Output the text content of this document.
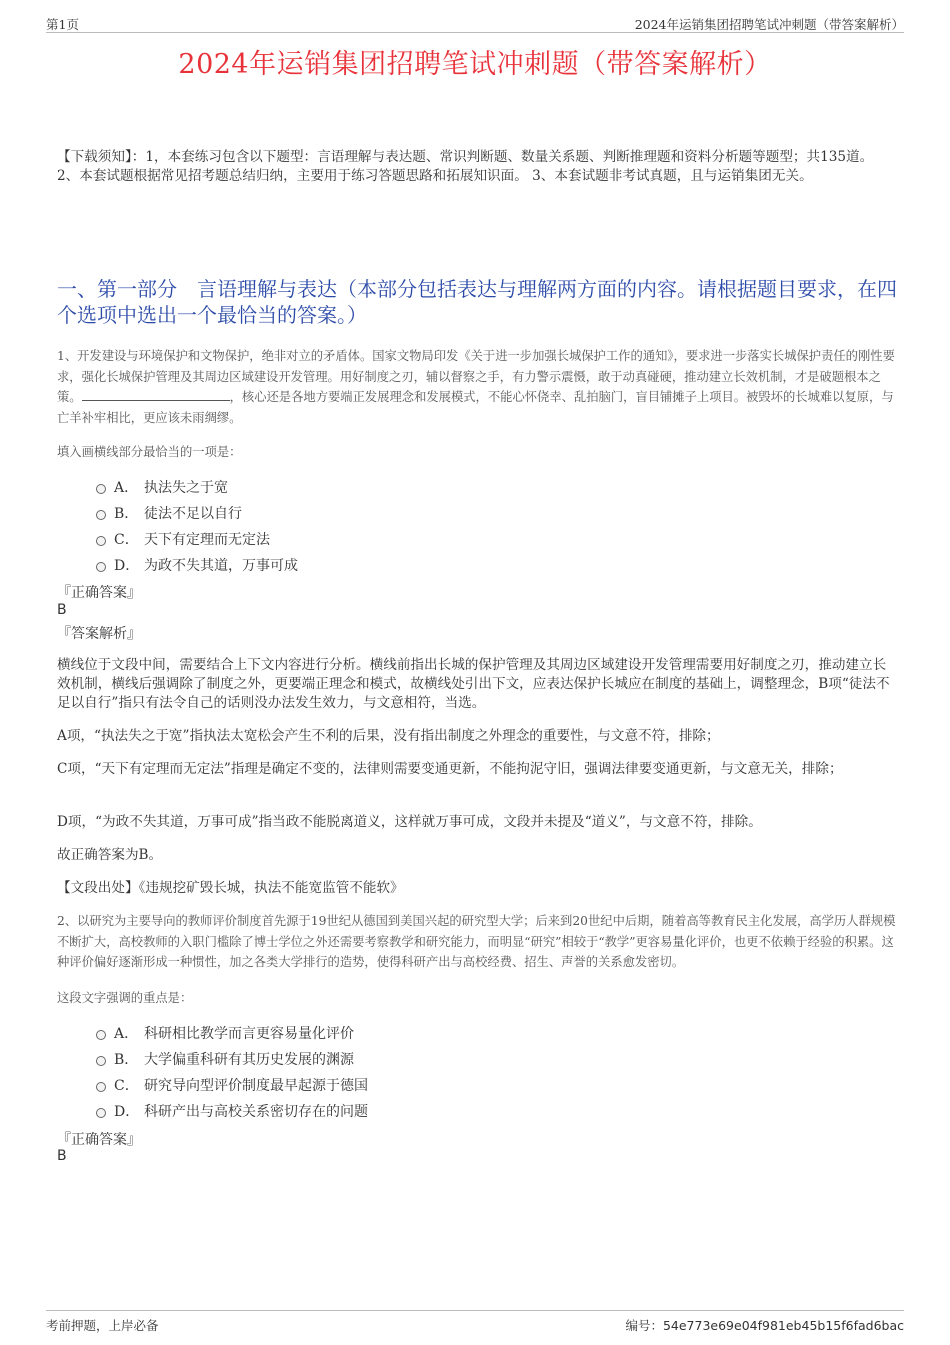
第1页	2024年运销集团招聘笔试冲刺题（带答案解析）
2024年运销集团招聘笔试冲刺题（带答案解析）
【下载须知】：1，本套练习包含以下题型：言语理解与表达题、常识判断题、数量关系题、判断推理题和资料分析题等题型；共135道。 2、本套试题根据常见招考题总结归纳，主要用于练习答题思路和拓展知识面。 3、本套试题非考试真题，且与运销集团无关。
一、第一部分　言语理解与表达（本部分包括表达与理解两方面的内容。请根据题目要求，在四个选项中选出一个最恰当的答案。）
1、开发建设与环境保护和文物保护，绝非对立的矛盾体。国家文物局印发《关于进一步加强长城保护工作的通知》，要求进一步落实长城保护责任的刚性要求，强化长城保护管理及其周边区域建设开发管理。用好制度之刃，辅以督察之手，有力警示震慑，敢于动真碰硬，推动建立长效机制，才是破题根本之策。	，核心还是各地方要端正发展理念和发展模式，不能心怀侥幸、乱拍脑门，盲目铺摊子上项目。被毁坏的长城难以复原，与亡羊补牢相比，更应该未雨绸缪。
填入画横线部分最恰当的一项是：
A． 执法失之于宽
B． 徒法不足以自行
C． 天下有定理而无定法
D． 为政不失其道，万事可成
『正确答案』
B
『答案解析』
横线位于文段中间，需要结合上下文内容进行分析。横线前指出长城的保护管理及其周边区域建设开发管理需要用好制度之刃，推动建立长效机制，横线后强调除了制度之外，更要端正理念和模式，故横线处引出下文，应表达保护长城应在制度的基础上，调整理念，B项“徒法不足以自行”指只有法令自己的话则没办法发生效力，与文意相符，当选。
A项，“执法失之于宽”指执法太宽松会产生不利的后果，没有指出制度之外理念的重要性，与文意不符，排除；
C项，“天下有定理而无定法”指理是确定不变的，法律则需要变通更新，不能拘泥守旧，强调法律要变通更新，与文意无关，排除；
D项，“为政不失其道，万事可成”指当政不能脱离道义，这样就万事可成，文段并未提及“道义”，与文意不符，排除。
故正确答案为B。
【文段出处】《违规挖矿毁长城，执法不能宽监管不能软》
2、以研究为主要导向的教师评价制度首先源于19世纪从德国到美国兴起的研究型大学；后来到20世纪中后期，随着高等教育民主化发展，高学历人群规模不断扩大，高校教师的入职门槛除了博士学位之外还需要考察教学和研究能力，而明显“研究”相较于“教学”更容易量化评价，也更不依赖于经验的积累。这种评价偏好逐渐形成一种惯性，加之各类大学排行的造势，使得科研产出与高校经费、招生、声誉的关系愈发密切。
这段文字强调的重点是：
A． 科研相比教学而言更容易量化评价
B． 大学偏重科研有其历史发展的渊源
C． 研究导向型评价制度最早起源于德国
D． 科研产出与高校关系密切存在的问题
『正确答案』
B
考前押题，上岸必备	编号：54e773e69e04f981eb45b15f6fad6bac
